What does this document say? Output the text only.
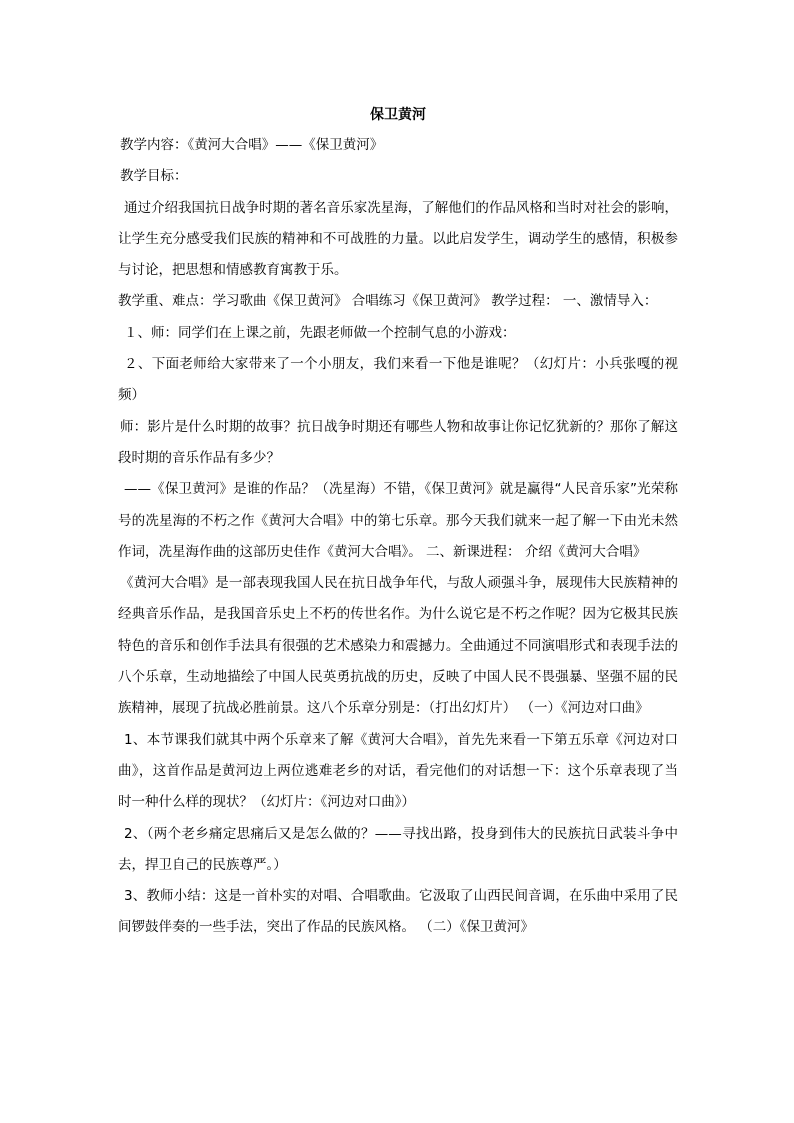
保卫黄河

教学内容：《黄河大合唱》——《保卫黄河》

教学目标：

通过介绍我国抗日战争时期的著名音乐家冼星海，了解他们的作品风格和当时对社会的影响，让学生充分感受我们民族的精神和不可战胜的力量。以此启发学生，调动学生的感情，积极参与讨论，把思想和情感教育寓教于乐。

教学重、难点：学习歌曲《保卫黄河》 合唱练习《保卫黄河》 教学过程： 一、激情导入：

１、师：同学们在上课之前，先跟老师做一个控制气息的小游戏：

２、下面老师给大家带来了一个小朋友，我们来看一下他是谁呢？（幻灯片：小兵张嘎的视频）

师：影片是什么时期的故事？抗日战争时期还有哪些人物和故事让你记忆犹新的？那你了解这段时期的音乐作品有多少？

——《保卫黄河》是谁的作品？（冼星海）不错，《保卫黄河》就是赢得“人民音乐家”光荣称号的冼星海的不朽之作《黄河大合唱》中的第七乐章。那今天我们就来一起了解一下由光未然作词，冼星海作曲的这部历史佳作《黄河大合唱》。 二、新课进程： 介绍《黄河大合唱》

《黄河大合唱》是一部表现我国人民在抗日战争年代，与敌人顽强斗争，展现伟大民族精神的经典音乐作品，是我国音乐史上不朽的传世名作。为什么说它是不朽之作呢？因为它极其民族特色的音乐和创作手法具有很强的艺术感染力和震撼力。全曲通过不同演唱形式和表现手法的八个乐章，生动地描绘了中国人民英勇抗战的历史，反映了中国人民不畏强暴、坚强不屈的民族精神，展现了抗战必胜前景。这八个乐章分别是：（打出幻灯片） （一）《河边对口曲》

1、本节课我们就其中两个乐章来了解《黄河大合唱》，首先先来看一下第五乐章《河边对口曲》，这首作品是黄河边上两位逃难老乡的对话，看完他们的对话想一下：这个乐章表现了当时一种什么样的现状？（幻灯片：《河边对口曲》）

2、（两个老乡痛定思痛后又是怎么做的？——寻找出路，投身到伟大的民族抗日武装斗争中去，捍卫自己的民族尊严。）

3、教师小结：这是一首朴实的对唱、合唱歌曲。它汲取了山西民间音调，在乐曲中采用了民间锣鼓伴奏的一些手法，突出了作品的民族风格。 （二）《保卫黄河》
